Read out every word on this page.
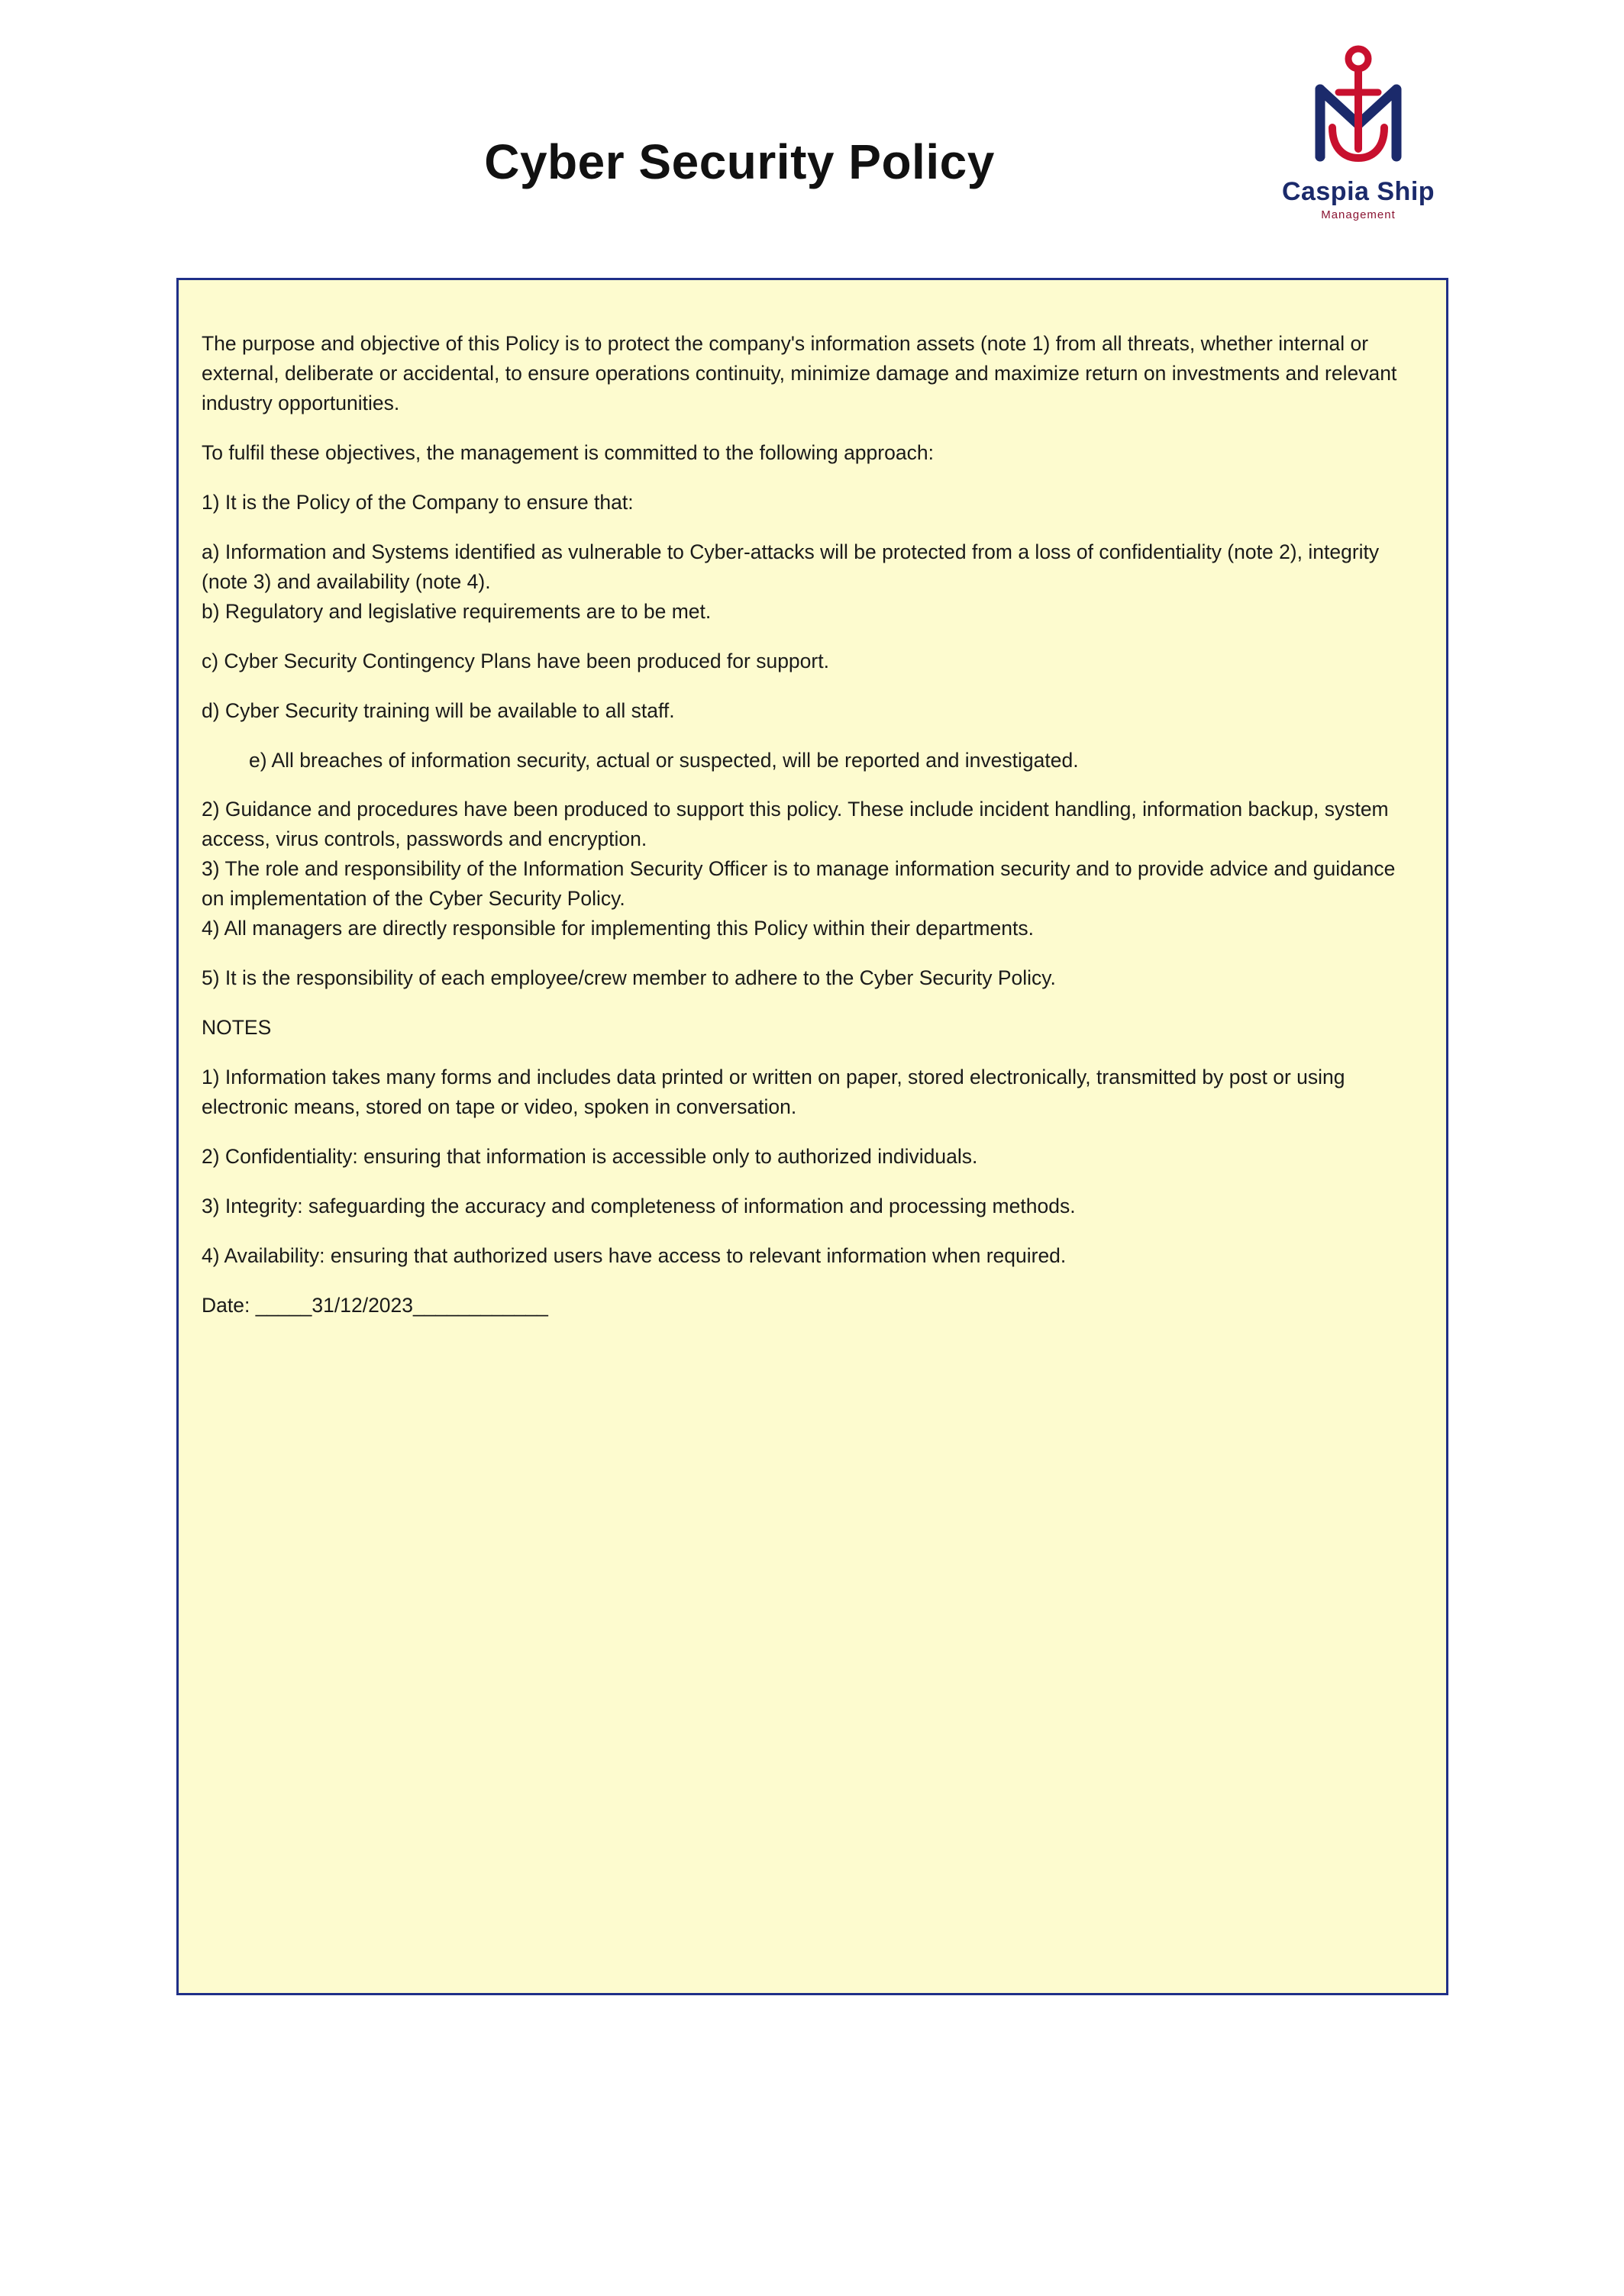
Cyber Security Policy
Caspia Ship
Management

The purpose and objective of this Policy is to protect the company's information assets (note 1) from all threats, whether internal or external, deliberate or accidental, to ensure operations continuity, minimize damage and maximize return on investments and relevant industry opportunities.

To fulfil these objectives, the management is committed to the following approach:

1) It is the Policy of the Company to ensure that:

a) Information and Systems identified as vulnerable to Cyber-attacks will be protected from a loss of confidentiality (note 2), integrity (note 3) and availability (note 4).

b) Regulatory and legislative requirements are to be met.

c) Cyber Security Contingency Plans have been produced for support.

d) Cyber Security training will be available to all staff.

e) All breaches of information security, actual or suspected, will be reported and investigated.

2) Guidance and procedures have been produced to support this policy. These include incident handling, information backup, system access, virus controls, passwords and encryption.

3) The role and responsibility of the Information Security Officer is to manage information security and to provide advice and guidance on implementation of the Cyber Security Policy.

4) All managers are directly responsible for implementing this Policy within their departments.

5) It is the responsibility of each employee/crew member to adhere to the Cyber Security Policy.

NOTES

1) Information takes many forms and includes data printed or written on paper, stored electronically, transmitted by post or using electronic means, stored on tape or video, spoken in conversation.

2) Confidentiality: ensuring that information is accessible only to authorized individuals.

3) Integrity: safeguarding the accuracy and completeness of information and processing methods.

4) Availability: ensuring that authorized users have access to relevant information when required.

Date: _____31/12/2023____________
